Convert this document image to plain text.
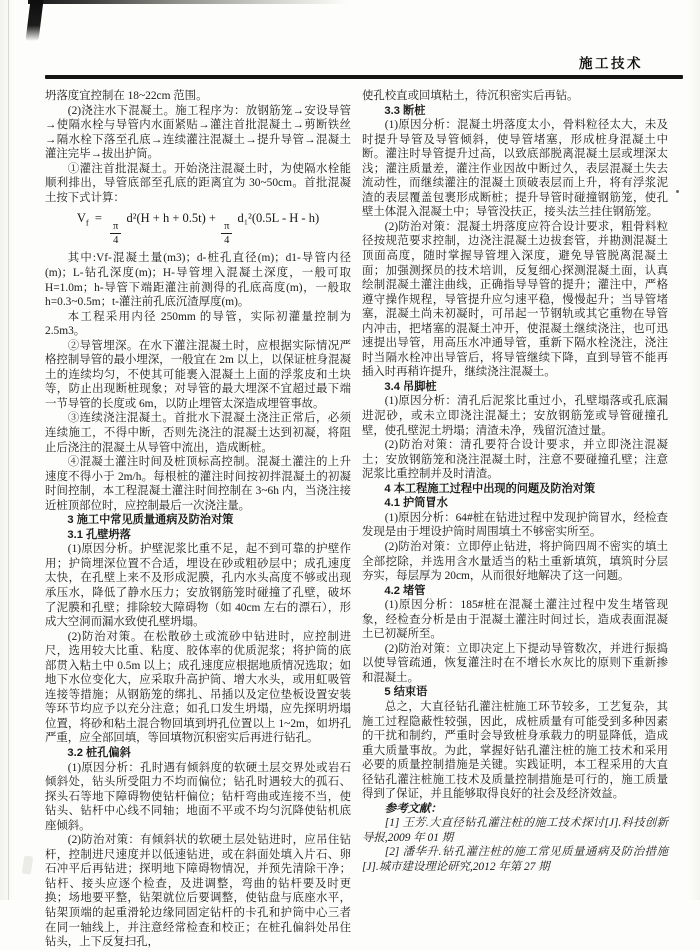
施工技术

坍落度宜控制在 18~22cm 范围。

(2)浇注水下混凝土。施工程序为：放钢筋笼→安设导管→使隔水栓与导管内水面紧贴→灌注首批混凝土→剪断铁丝→隔水栓下落至孔底→连续灌注混凝土→提升导管→混凝土灌注完毕→拔出护筒。

①灌注首批混凝土。开始浇注混凝土时，为使隔水栓能顺利排出，导管底部至孔底的距离宜为 30~50cm。首批混凝土按下式计算：

$V_f$ =
$\frac{\pi}{4}$
d²(H + h + 0.5t) +
$\frac{\pi}{4}$
d₁²(0.5L - H - h)

其中:Vf-混凝土量(m3)；d-桩孔直径(m)；d1-导管内径(m)；L-钻孔深度(m)；H-导管埋入混凝土深度，一般可取 H=1.0m；h-导管下端距灌注前测得的孔底高度(m)，一般取 h=0.3~0.5m；t-灌注前孔底沉渣厚度(m)。

本工程采用内径 250mm 的导管，实际初灌量控制为 2.5m3。

②导管埋深。在水下灌注混凝土时，应根据实际情况严格控制导管的最小埋深，一般宜在 2m 以上，以保证桩身混凝土的连续均匀，不使其可能裹入混凝土上面的浮浆皮和土块等，防止出现断桩现象；对导管的最大埋深不宜超过最下端一节导管的长度或 6m，以防止埋管太深造成埋管事故。

③连续浇注混凝土。首批水下混凝土浇注正常后，必须连续施工，不得中断，否则先浇注的混凝土达到初凝，将阻止后浇注的混凝土从导管中流出，造成断桩。

④混凝土灌注时间及桩顶标高控制。混凝土灌注的上升速度不得小于 2m/h。每根桩的灌注时间按初拌混凝土的初凝时间控制，本工程混凝土灌注时间控制在 3~6h 内，当浇注接近桩顶部位时，应控制最后一次浇注量。

3 施工中常见质量通病及防治对策

3.1 孔壁坍落

(1)原因分析。护壁泥浆比重不足，起不到可靠的护壁作用；护筒埋深位置不合适，埋设在砂或粗砂层中；成孔速度太快，在孔壁上来不及形成泥膜，孔内水头高度不够或出现承压水，降低了静水压力；安放钢筋笼时碰撞了孔壁，破坏了泥膜和孔壁；排除较大障碍物（如 40cm 左右的漂石），形成大空洞而漏水致使孔壁坍塌。

(2)防治对策。在松散砂土或流砂中钻进时，应控制进尺，选用较大比重、粘度、胶体率的优质泥浆；将护筒的底部贯入粘土中 0.5m 以上；成孔速度应根据地质情况选取；如地下水位变化大，应采取升高护筒、增大水头，或用虹吸管连接等措施；从钢筋笼的绑扎、吊插以及定位垫板设置安装等环节均应予以充分注意；如孔口发生坍塌，应先探明坍塌位置，将砂和粘土混合物回填到坍孔位置以上 1~2m，如坍孔严重，应全部回填，等回填物沉积密实后再进行钻孔。

3.2 桩孔偏斜

(1)原因分析：孔时遇有倾斜度的软硬土层交界处或岩石倾斜处，钻头所受阻力不均而偏位；钻孔时遇较大的孤石、探头石等地下障碍物使钻杆偏位；钻杆弯曲或连接不当，使钻头、钻杆中心线不同轴；地面不平或不均匀沉降使钻机底座倾斜。

(2)防治对策：有倾斜状的软硬土层处钻进时，应吊住钻杆，控制进尺速度并以低速钻进，或在斜面处填入片石、卵石冲平后再钻进；探明地下障碍物情况，并预先清除干净；钻杆、接头应逐个检查，及进调整，弯曲的钻杆要及时更换；场地要平整，钻架就位后要调整，使钻盘与底座水平，钻架顶端的起重滑轮边缘同固定钻杆的卡孔和护筒中心三者在同一轴线上，并注意经常检查和校正；在桩孔偏斜处吊住钻头，上下反复扫孔，

使孔校直或回填粘土，待沉积密实后再钻。

3.3 断桩

(1)原因分析：混凝土坍落度太小，骨料粒径太大，未及时提升导管及导管倾斜，使导管堵塞，形成桩身混凝土中断。灌注时导管提升过高，以致底部脱离混凝土层或埋深太浅；灌注质量差，灌注作业因故中断过久，表层混凝土失去流动性，而继续灌注的混凝土顶破表层而上升，将有浮浆泥渣的表层覆盖包裹形成断桩；提升导管时碰撞钢筋笼，使孔壁土体混入混凝土中；导管没扶正，接头法兰挂住钢筋笼。

(2)防治对策：混凝土坍落度应符合设计要求，粗骨料粒径按规范要求控制，边浇注混凝土边拔套管，并勘测混凝土顶面高度，随时掌握导管埋入深度，避免导管脱离混凝土面；加强测探员的技术培训，反复细心探测混凝土面，认真绘制混凝土灌注曲线，正确指导导管的提升；灌注中，严格遵守操作规程，导管提升应匀速平稳，慢慢起升；当导管堵塞，混凝土尚未初凝时，可吊起一节钢轨或其它重物在导管内冲击，把堵塞的混凝土冲开，使混凝土继续浇注，也可迅速提出导管，用高压水冲通导管，重新下隔水栓浇注，浇注时当隔水栓冲出导管后，将导管继续下降，直到导管不能再插入时再稍许提升，继续浇注混凝土。

3.4 吊脚桩

(1)原因分析：清孔后泥浆比重过小，孔壁塌落或孔底漏进泥砂，或未立即浇注混凝土；安放钢筋笼或导管碰撞孔壁，使孔壁泥土坍塌；清渣未净，残留沉渣过量。

(2)防治对策：清孔要符合设计要求，并立即浇注混凝土；安放钢筋笼和浇注混凝土时，注意不要碰撞孔壁；注意泥浆比重控制并及时清渣。

4 本工程施工过程中出现的问题及防治对策

4.1 护筒冒水

(1)原因分析：64#桩在钻进过程中发现护筒冒水，经检查发现是由于埋设护筒时周围填土不够密实所至。

(2)防治对策：立即停止钻进，将护筒四周不密实的填土全部挖除，并选用含水量适当的粘土重新填筑，填筑时分层夯实，每层厚为 20cm，从而很好地解决了这一问题。

4.2 堵管

(1)原因分析：185#桩在混凝土灌注过程中发生堵管现象，经检查分析是由于混凝土灌注时间过长，造成表面混凝土已初凝所至。

(2)防治对策：立即决定上下提动导管数次，并进行振捣以使导管疏通，恢复灌注时在不增长水灰比的原则下重新掺和混凝土。

5 结束语

总之，大直径钻孔灌注桩施工环节较多，工艺复杂，其施工过程隐蔽性较强，因此，成桩质量有可能受到多种因素的干扰和制约，严重时会导致桩身承载力的明显降低，造成重大质量事故。为此，掌握好钻孔灌注桩的施工技术和采用必要的质量控制措施是关键。实践证明，本工程采用的大直径钻孔灌注桩施工技术及质量控制措施是可行的，施工质量得到了保证，并且能够取得良好的社会及经济效益。

参考文献：

[1] 王芳.大直径钻孔灌注桩的施工技术探讨[J].科技创新导报,2009 年 01 期

[2] 潘华升.钻孔灌注桩的施工常见质量通病及防治措施[J].城市建设理论研究,2012 年第 27 期
